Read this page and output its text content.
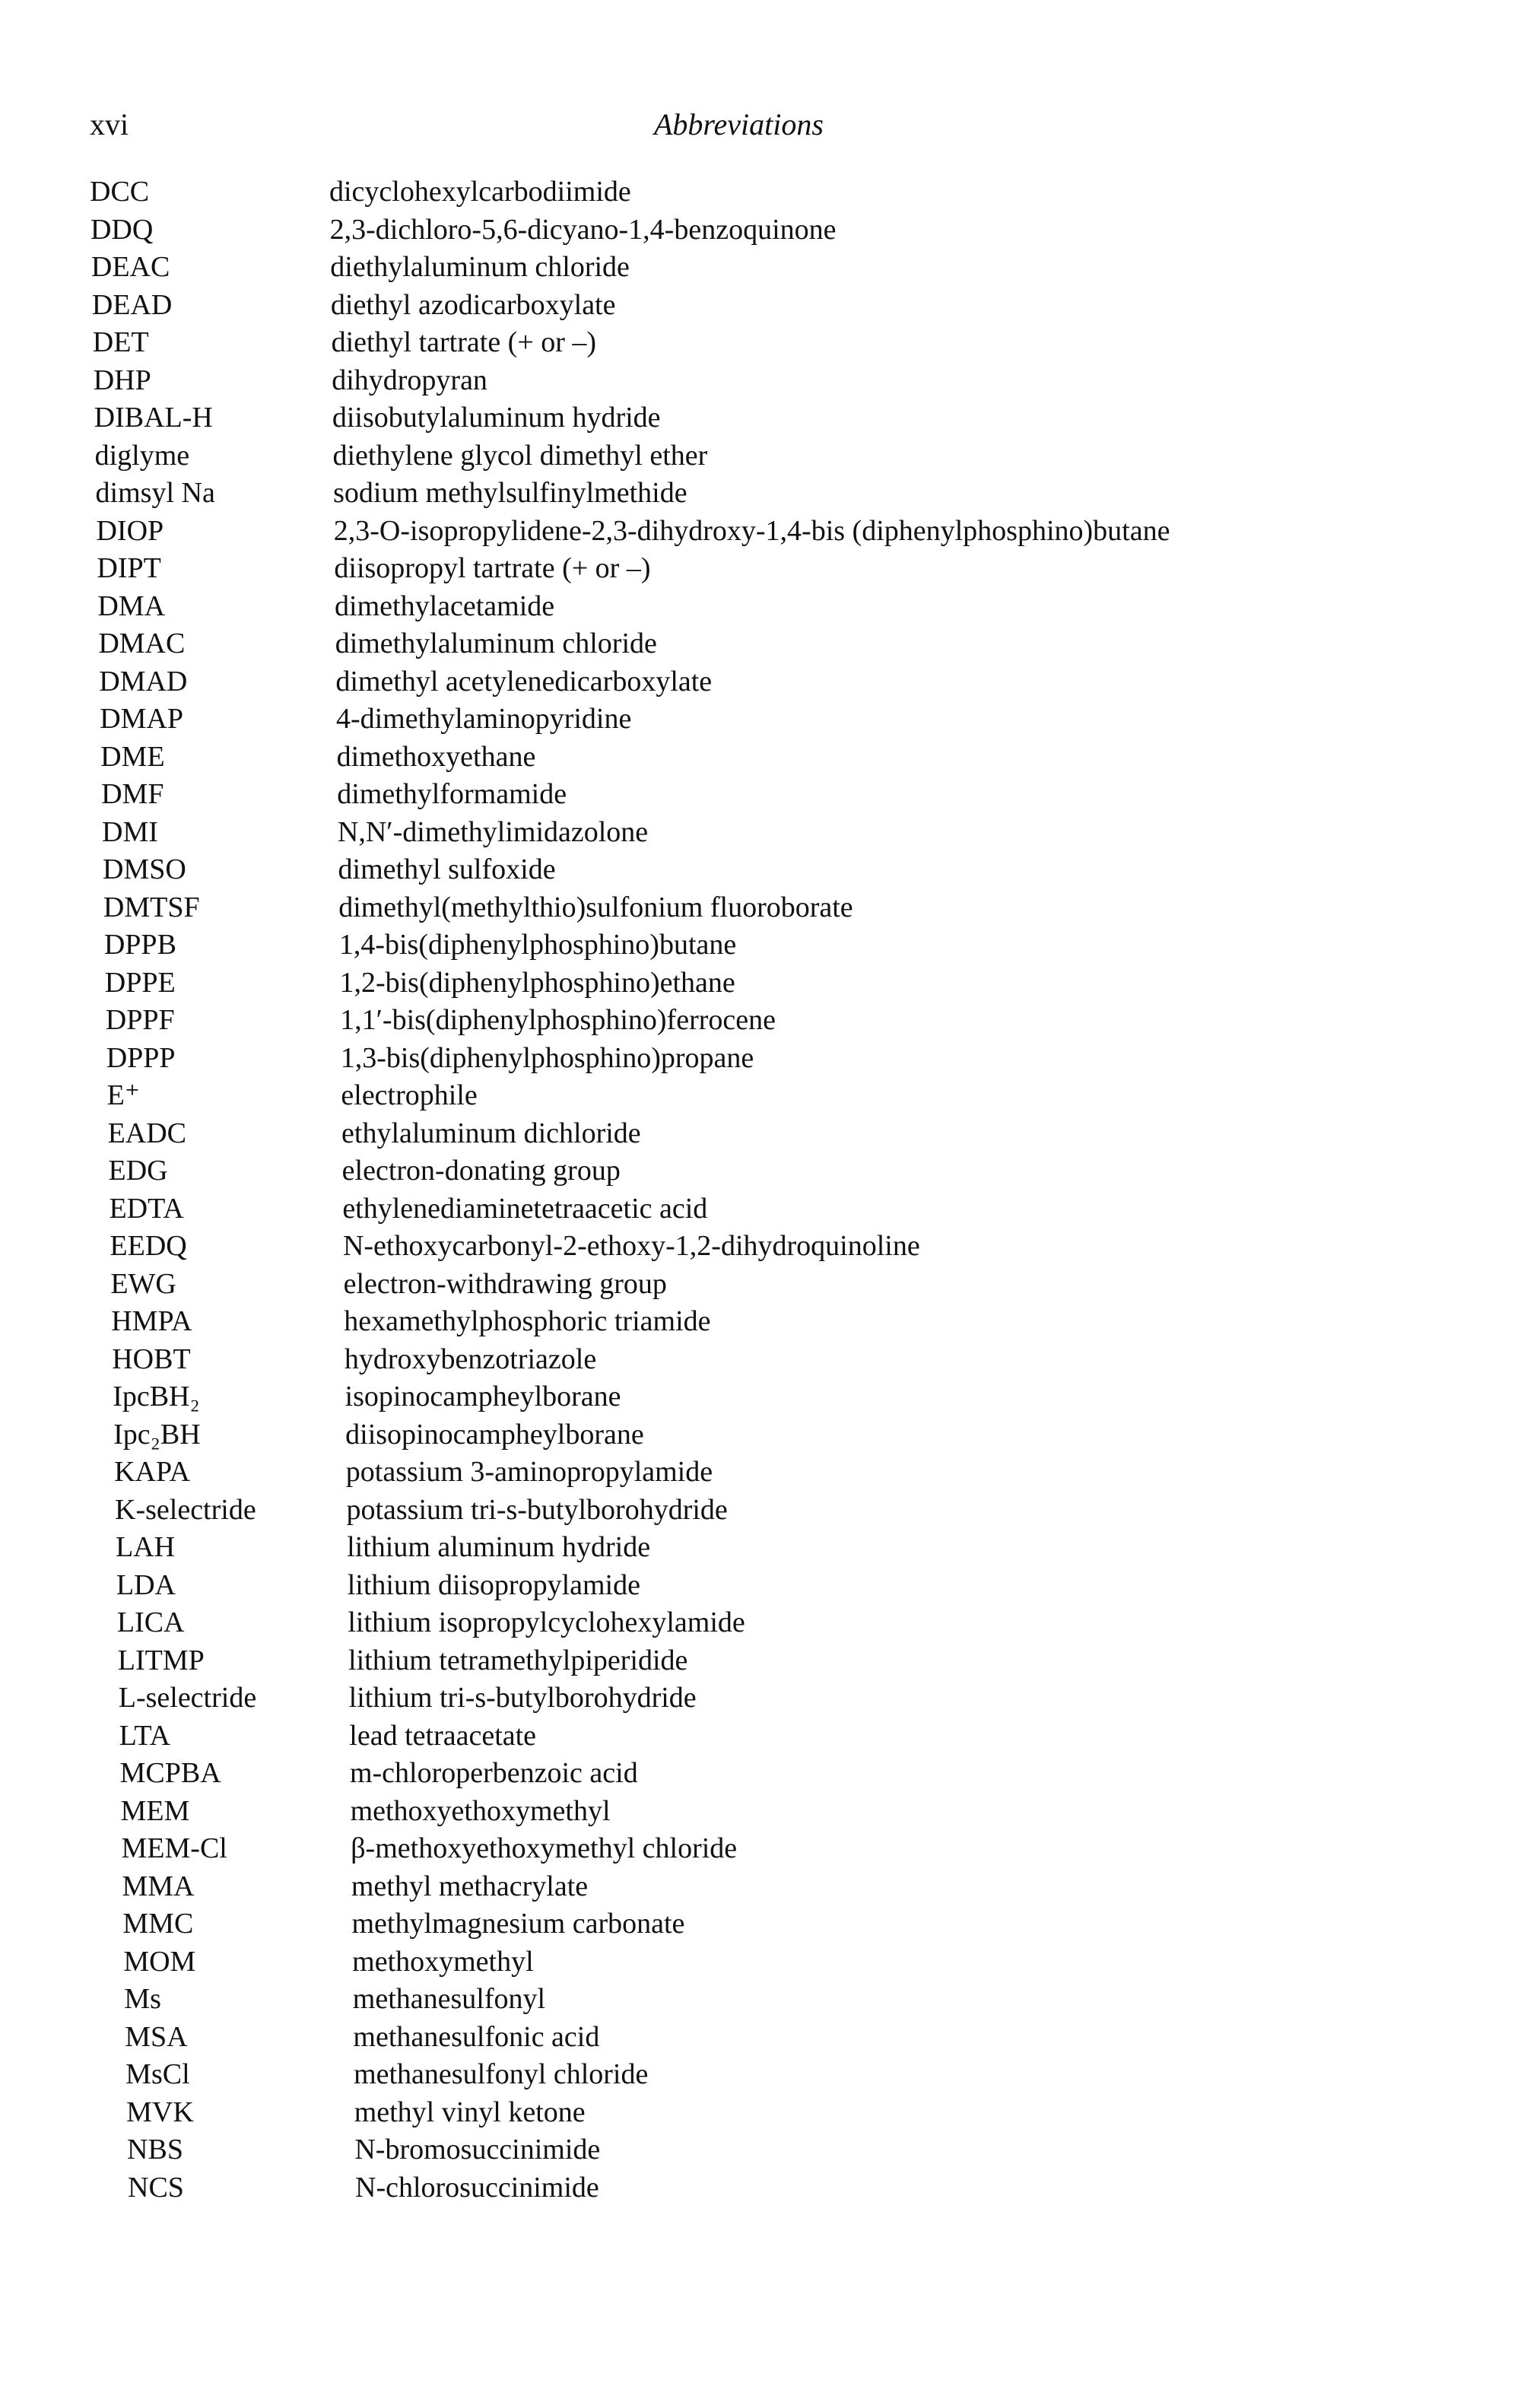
xvi	Abbreviations
DCC	dicyclohexylcarbodiimide
DDQ	2,3-dichloro-5,6-dicyano-1,4-benzoquinone
DEAC	diethylaluminum chloride
DEAD	diethyl azodicarboxylate
DET	diethyl tartrate (+ or –)
DHP	dihydropyran
DIBAL-H	diisobutylaluminum hydride
diglyme	diethylene glycol dimethyl ether
dimsyl Na	sodium methylsulfinylmethide
DIOP	2,3-O-isopropylidene-2,3-dihydroxy-1,4-bis (diphenylphosphino)butane
DIPT	diisopropyl tartrate (+ or –)
DMA	dimethylacetamide
DMAC	dimethylaluminum chloride
DMAD	dimethyl acetylenedicarboxylate
DMAP	4-dimethylaminopyridine
DME	dimethoxyethane
DMF	dimethylformamide
DMI	N,N′-dimethylimidazolone
DMSO	dimethyl sulfoxide
DMTSF	dimethyl(methylthio)sulfonium fluoroborate
DPPB	1,4-bis(diphenylphosphino)butane
DPPE	1,2-bis(diphenylphosphino)ethane
DPPF	1,1′-bis(diphenylphosphino)ferrocene
DPPP	1,3-bis(diphenylphosphino)propane
E⁺	electrophile
EADC	ethylaluminum dichloride
EDG	electron-donating group
EDTA	ethylenediaminetetraacetic acid
EEDQ	N-ethoxycarbonyl-2-ethoxy-1,2-dihydroquinoline
EWG	electron-withdrawing group
HMPA	hexamethylphosphoric triamide
HOBT	hydroxybenzotriazole
IpcBH₂	isopinocampheylborane
Ipc₂BH	diisopinocampheylborane
KAPA	potassium 3-aminopropylamide
K-selectride	potassium tri-s-butylborohydride
LAH	lithium aluminum hydride
LDA	lithium diisopropylamide
LICA	lithium isopropylcyclohexylamide
LITMP	lithium tetramethylpiperidide
L-selectride	lithium tri-s-butylborohydride
LTA	lead tetraacetate
MCPBA	m-chloroperbenzoic acid
MEM	methoxyethoxymethyl
MEM-Cl	β-methoxyethoxymethyl chloride
MMA	methyl methacrylate
MMC	methylmagnesium carbonate
MOM	methoxymethyl
Ms	methanesulfonyl
MSA	methanesulfonic acid
MsCl	methanesulfonyl chloride
MVK	methyl vinyl ketone
NBS	N-bromosuccinimide
NCS	N-chlorosuccinimide
